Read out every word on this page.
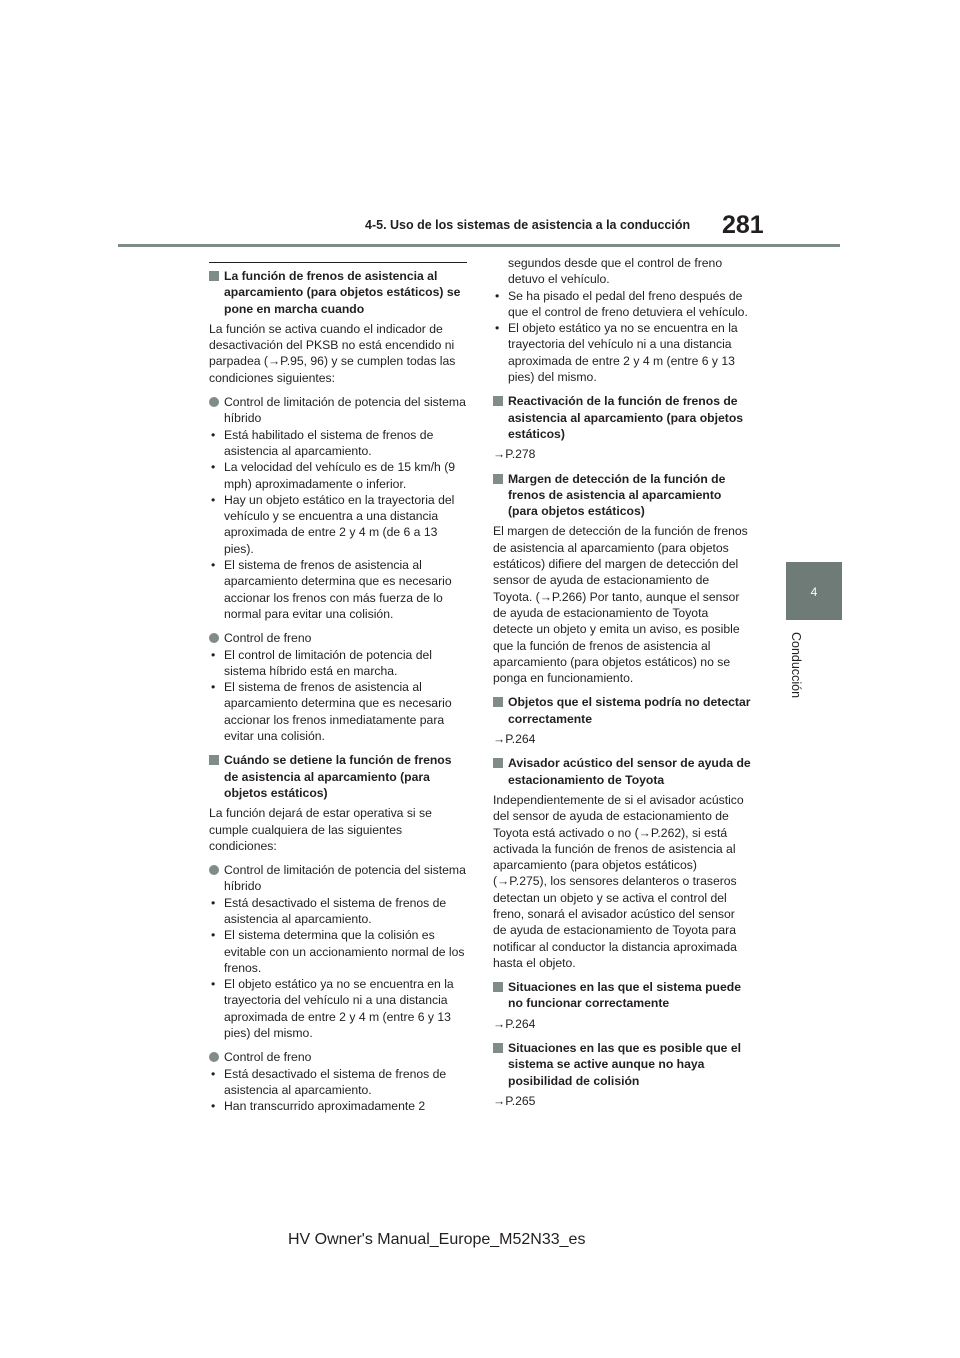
4-5. Uso de los sistemas de asistencia a la conducción 281
4
Conducción

La función de frenos de asistencia al aparcamiento (para objetos estáticos) se pone en marcha cuando

La función se activa cuando el indicador de desactivación del PKSB no está encendido ni parpadea (→P.95, 96) y se cumplen todas las condiciones siguientes:

Control de limitación de potencia del sistema híbrido

• Está habilitado el sistema de frenos de asistencia al aparcamiento.

• La velocidad del vehículo es de 15 km/h (9 mph) aproximadamente o inferior.

• Hay un objeto estático en la trayectoria del vehículo y se encuentra a una distancia aproximada de entre 2 y 4 m (de 6 a 13 pies).

• El sistema de frenos de asistencia al aparcamiento determina que es necesario accionar los frenos con más fuerza de lo normal para evitar una colisión.

Control de freno

• El control de limitación de potencia del sistema híbrido está en marcha.

• El sistema de frenos de asistencia al aparcamiento determina que es necesario accionar los frenos inmediatamente para evitar una colisión.

Cuándo se detiene la función de frenos de asistencia al aparcamiento (para objetos estáticos)

La función dejará de estar operativa si se cumple cualquiera de las siguientes condiciones:

Control de limitación de potencia del sistema híbrido

• Está desactivado el sistema de frenos de asistencia al aparcamiento.

• El sistema determina que la colisión es evitable con un accionamiento normal de los frenos.

• El objeto estático ya no se encuentra en la trayectoria del vehículo ni a una distancia aproximada de entre 2 y 4 m (entre 6 y 13 pies) del mismo.

Control de freno

• Está desactivado el sistema de frenos de asistencia al aparcamiento.

• Han transcurrido aproximadamente 2

segundos desde que el control de freno detuvo el vehículo.

• Se ha pisado el pedal del freno después de que el control de freno detuviera el vehículo.

• El objeto estático ya no se encuentra en la trayectoria del vehículo ni a una distancia aproximada de entre 2 y 4 m (entre 6 y 13 pies) del mismo.

Reactivación de la función de frenos de asistencia al aparcamiento (para objetos estáticos)

→P.278

Margen de detección de la función de frenos de asistencia al aparcamiento (para objetos estáticos)

El margen de detección de la función de frenos de asistencia al aparcamiento (para objetos estáticos) difiere del margen de detección del sensor de ayuda de estacionamiento de Toyota. (→P.266) Por tanto, aunque el sensor de ayuda de estacionamiento de Toyota detecte un objeto y emita un aviso, es posible que la función de frenos de asistencia al aparcamiento (para objetos estáticos) no se ponga en funcionamiento.

Objetos que el sistema podría no detectar correctamente

→P.264

Avisador acústico del sensor de ayuda de estacionamiento de Toyota

Independientemente de si el avisador acústico del sensor de ayuda de estacionamiento de Toyota está activado o no (→P.262), si está activada la función de frenos de asistencia al aparcamiento (para objetos estáticos) (→P.275), los sensores delanteros o traseros detectan un objeto y se activa el control del freno, sonará el avisador acústico del sensor de ayuda de estacionamiento de Toyota para notificar al conductor la distancia aproximada hasta el objeto.

Situaciones en las que el sistema puede no funcionar correctamente

→P.264

Situaciones en las que es posible que el sistema se active aunque no haya posibilidad de colisión

→P.265

HV Owner's Manual_Europe_M52N33_es
